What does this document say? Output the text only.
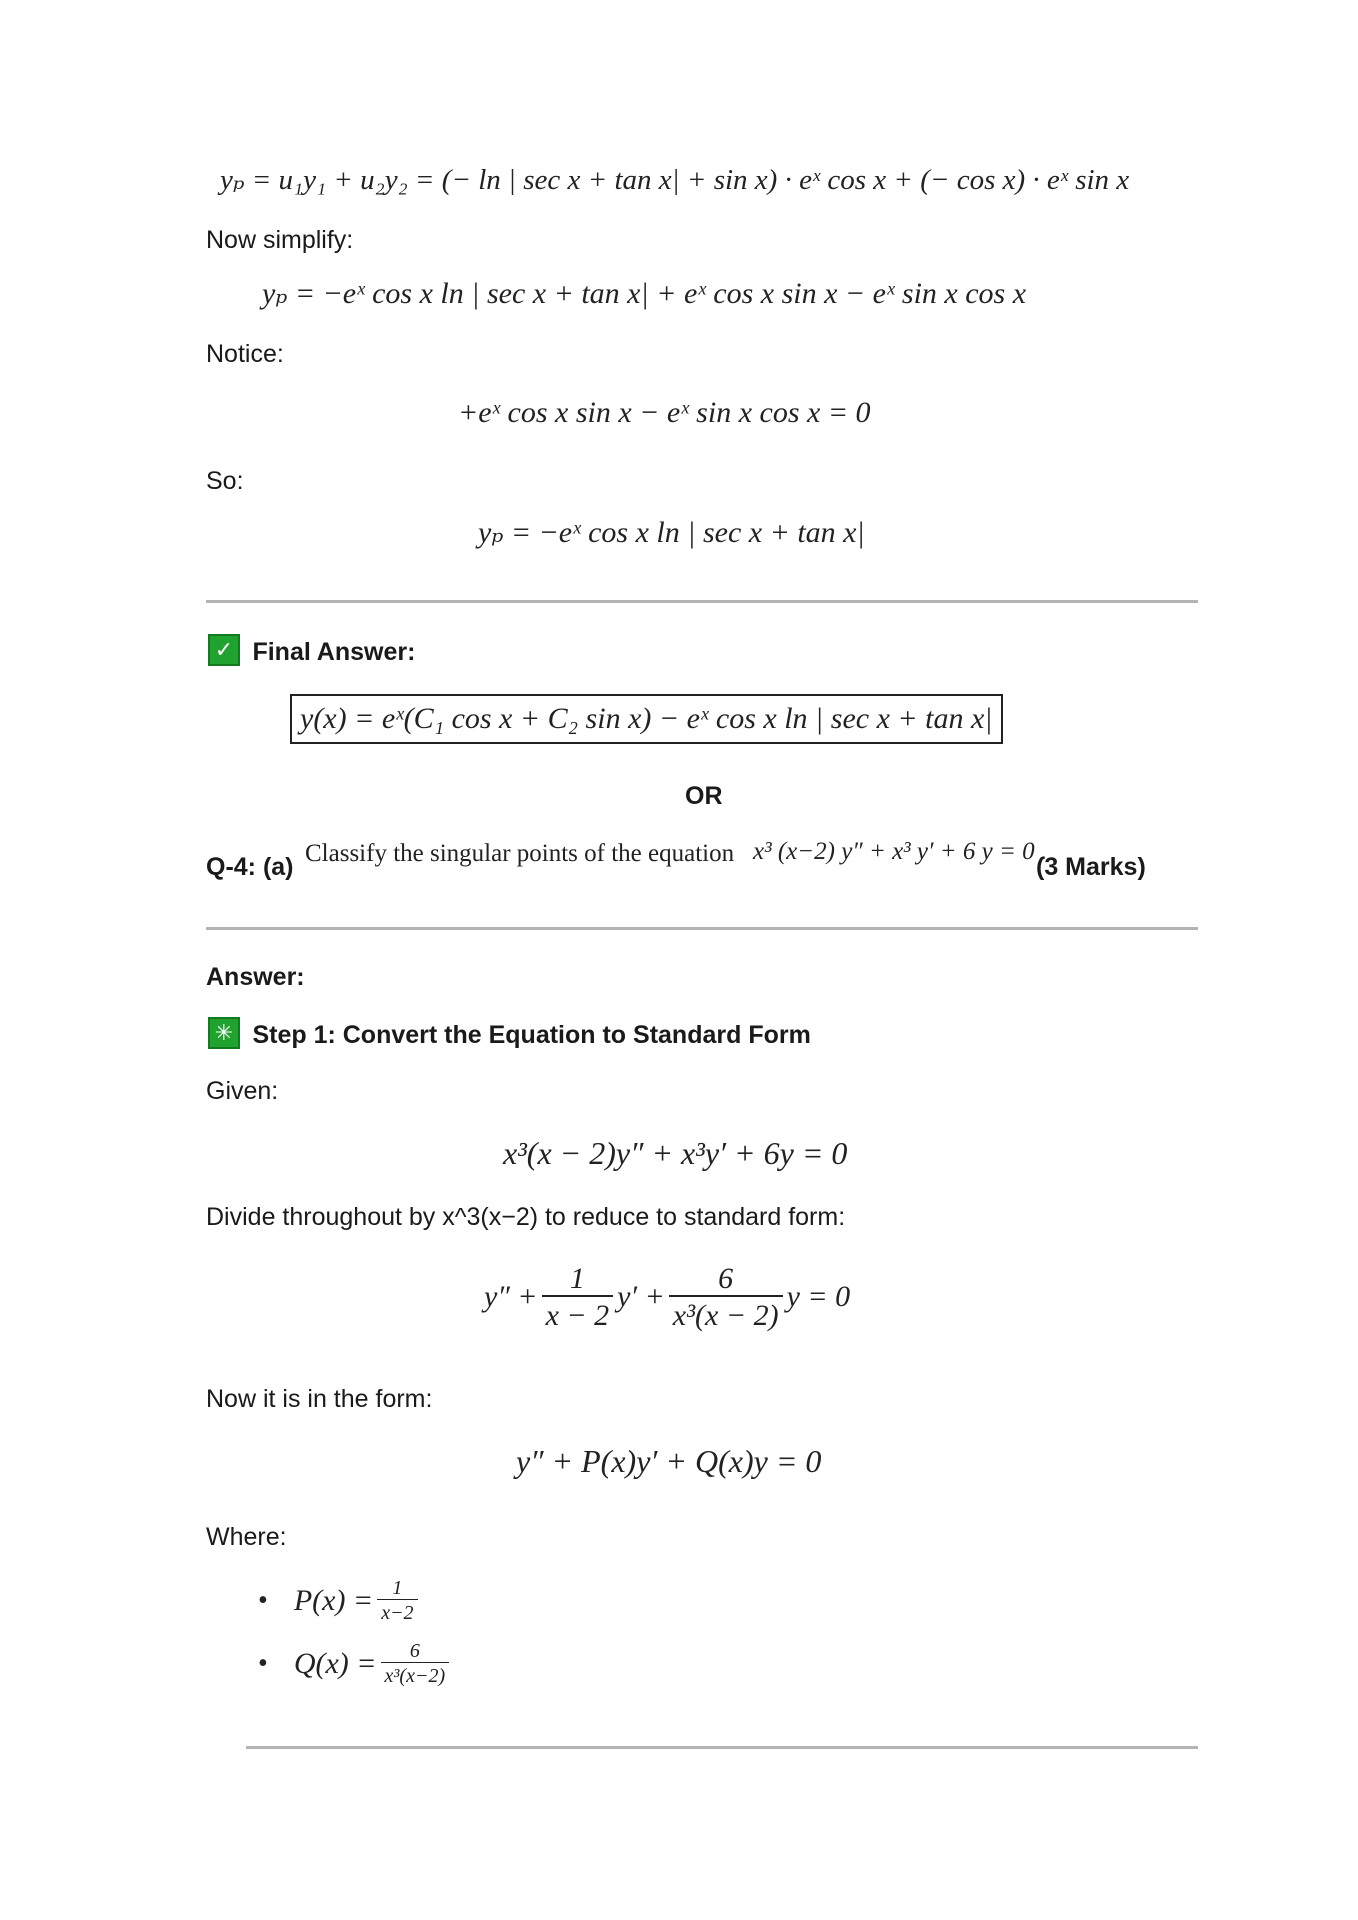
yₚ = u₁y₁ + u₂y₂ = (− ln | sec x + tan x| + sin x) · eˣ cos x + (− cos x) · eˣ sin x
Now simplify:
yₚ = −eˣ cos x ln | sec x + tan x| + eˣ cos x sin x − eˣ sin x cos x
Notice:
+eˣ cos x sin x − eˣ sin x cos x = 0
So:
yₚ = −eˣ cos x ln | sec x + tan x|
✓ Final Answer:
y(x) = eˣ(C₁ cos x + C₂ sin x) − eˣ cos x ln | sec x + tan x|
OR
Q-4: (a) Classify the singular points of the equation x³ (x−2) y″ + x³ y′ + 6 y = 0 .
(3 Marks)
Answer:
✳ Step 1: Convert the Equation to Standard Form
Given:
x³(x − 2)y″ + x³y′ + 6y = 0
Divide throughout by x^3(x−2) to reduce to standard form:
$y'' + \frac{1}{x - 2} y' + \frac{6}{\text{x³(x − 2)}}$ y = 0
Now it is in the form:
y″ + P(x)y′ + Q(x)y = 0
Where:
• $P(x) = \frac{1}{x-2}$
• $Q(x) = \frac{6}{\text{x³(x−2)}}$
